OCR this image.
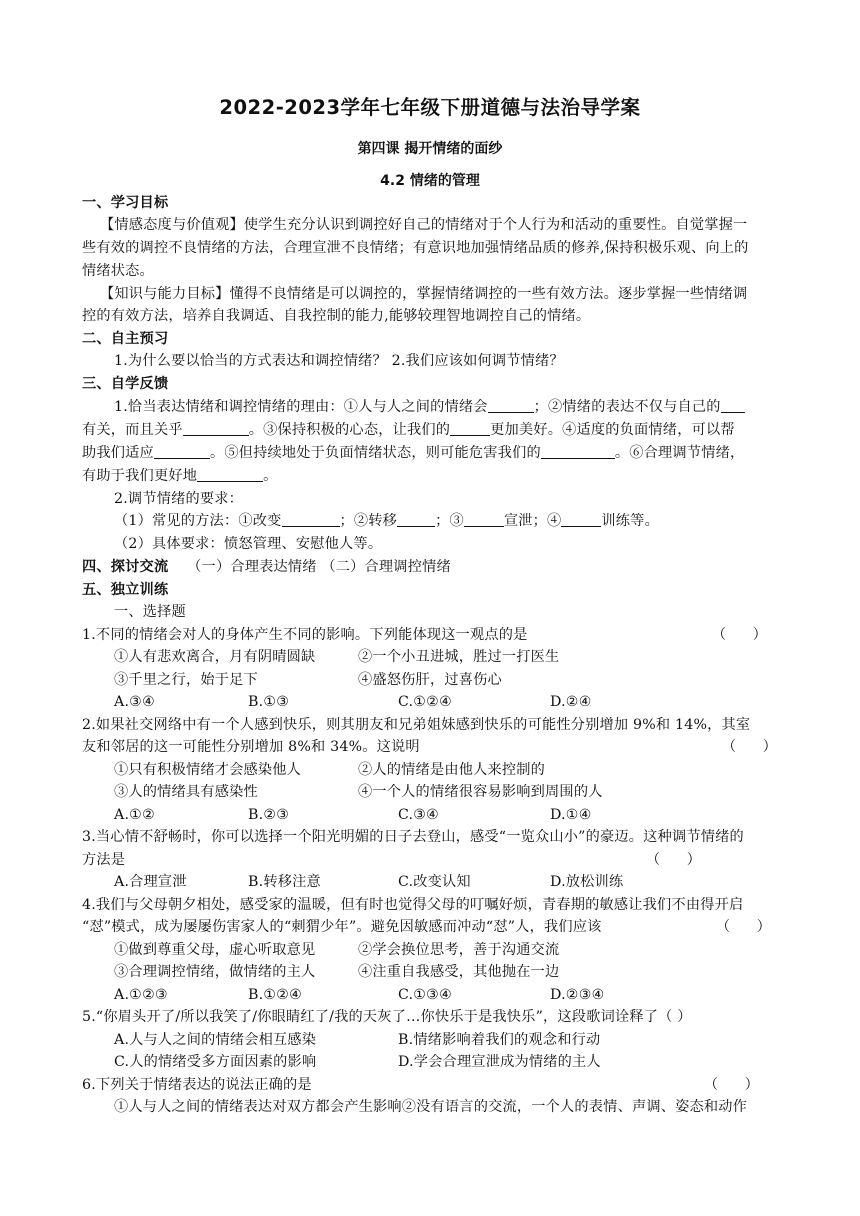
2022-2023学年七年级下册道德与法治导学案
第四课 揭开情绪的面纱
4.2 情绪的管理
一、学习目标
【情感态度与价值观】使学生充分认识到调控好自己的情绪对于个人行为和活动的重要性。自觉掌握一
些有效的调控不良情绪的方法，合理宣泄不良情绪；有意识地加强情绪品质的修养,保持积极乐观、向上的
情绪状态。
【知识与能力目标】懂得不良情绪是可以调控的，掌握情绪调控的一些有效方法。逐步掌握一些情绪调
控的有效方法，培养自我调适、自我控制的能力,能够较理智地调控自己的情绪。
二、自主预习
1.为什么要以恰当的方式表达和调控情绪？ 2.我们应该如何调节情绪？
三、自学反馈
1.恰当表达情绪和调控情绪的理由：①人与人之间的情绪会	；②情绪的表达不仅与自己的
有关，而且关乎	。③保持积极的心态，让我们的	更加美好。④适度的负面情绪，可以帮
助我们适应	。⑤但持续地处于负面情绪状态，则可能危害我们的	。⑥合理调节情绪，
有助于我们更好地	。
2.调节情绪的要求：
（1）常见的方法：①改变	；②转移	；③	宣泄；④	训练等。
（2）具体要求：愤怒管理、安慰他人等。
四、探讨交流 （一）合理表达情绪 （二）合理调控情绪
五、独立训练
一、选择题
1.不同的情绪会对人的身体产生不同的影响。下列能体现这一观点的是	（      ）
①人有悲欢离合，月有阴晴圆缺	②一个小丑进城，胜过一打医生
③千里之行，始于足下	④盛怒伤肝，过喜伤心
A.③④	B.①③	C.①②④	D.②④
2.如果社交网络中有一个人感到快乐，则其朋友和兄弟姐妹感到快乐的可能性分别增加 9%和 14%，其室
友和邻居的这一可能性分别增加 8%和 34%。这说明	（      ）
①只有积极情绪才会感染他人	②人的情绪是由他人来控制的
③人的情绪具有感染性	④一个人的情绪很容易影响到周围的人
A.①②	B.②③	C.③④	D.①④
3.当心情不舒畅时，你可以选择一个阳光明媚的日子去登山，感受“一览众山小”的豪迈。这种调节情绪的
方法是	（      ）
A.合理宣泄	B.转移注意	C.改变认知	D.放松训练
4.我们与父母朝夕相处，感受家的温暖，但有时也觉得父母的叮嘱好烦，青春期的敏感让我们不由得开启
“怼”模式，成为屡屡伤害家人的“刺猬少年”。避免因敏感而冲动“怼”人，我们应该	（      ）
①做到尊重父母，虚心听取意见	②学会换位思考，善于沟通交流
③合理调控情绪，做情绪的主人	④注重自我感受，其他抛在一边
A.①②③	B.①②④	C.①③④	D.②③④
5.“你眉头开了/所以我笑了/你眼睛红了/我的天灰了…你快乐于是我快乐”，这段歌词诠释了（ ）
A.人与人之间的情绪会相互感染	B.情绪影响着我们的观念和行动
C.人的情绪受多方面因素的影响	D.学会合理宣泄成为情绪的主人
6.下列关于情绪表达的说法正确的是	（      ）
①人与人之间的情绪表达对双方都会产生影响②没有语言的交流，一个人的表情、声调、姿态和动作
